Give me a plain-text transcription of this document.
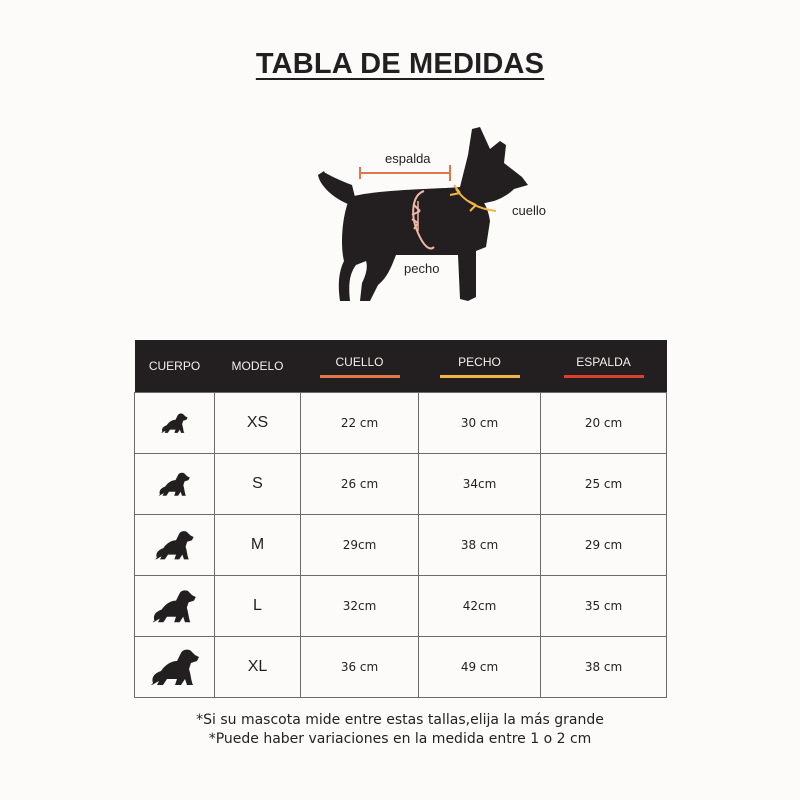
TABLA DE MEDIDAS
espalda
cuello
pecho
CUERPO	MODELO	CUELLO	PECHO	ESPALDA

	XS	22 cm	30 cm	20 cm
	S	26 cm	34cm	25 cm
	M	29cm	38 cm	29 cm
	L	32cm	42cm	35 cm
	XL	36 cm	49 cm	38 cm
*Si su mascota mide entre estas tallas,elija la más grande
*Puede haber variaciones en la medida entre 1 o 2 cm
